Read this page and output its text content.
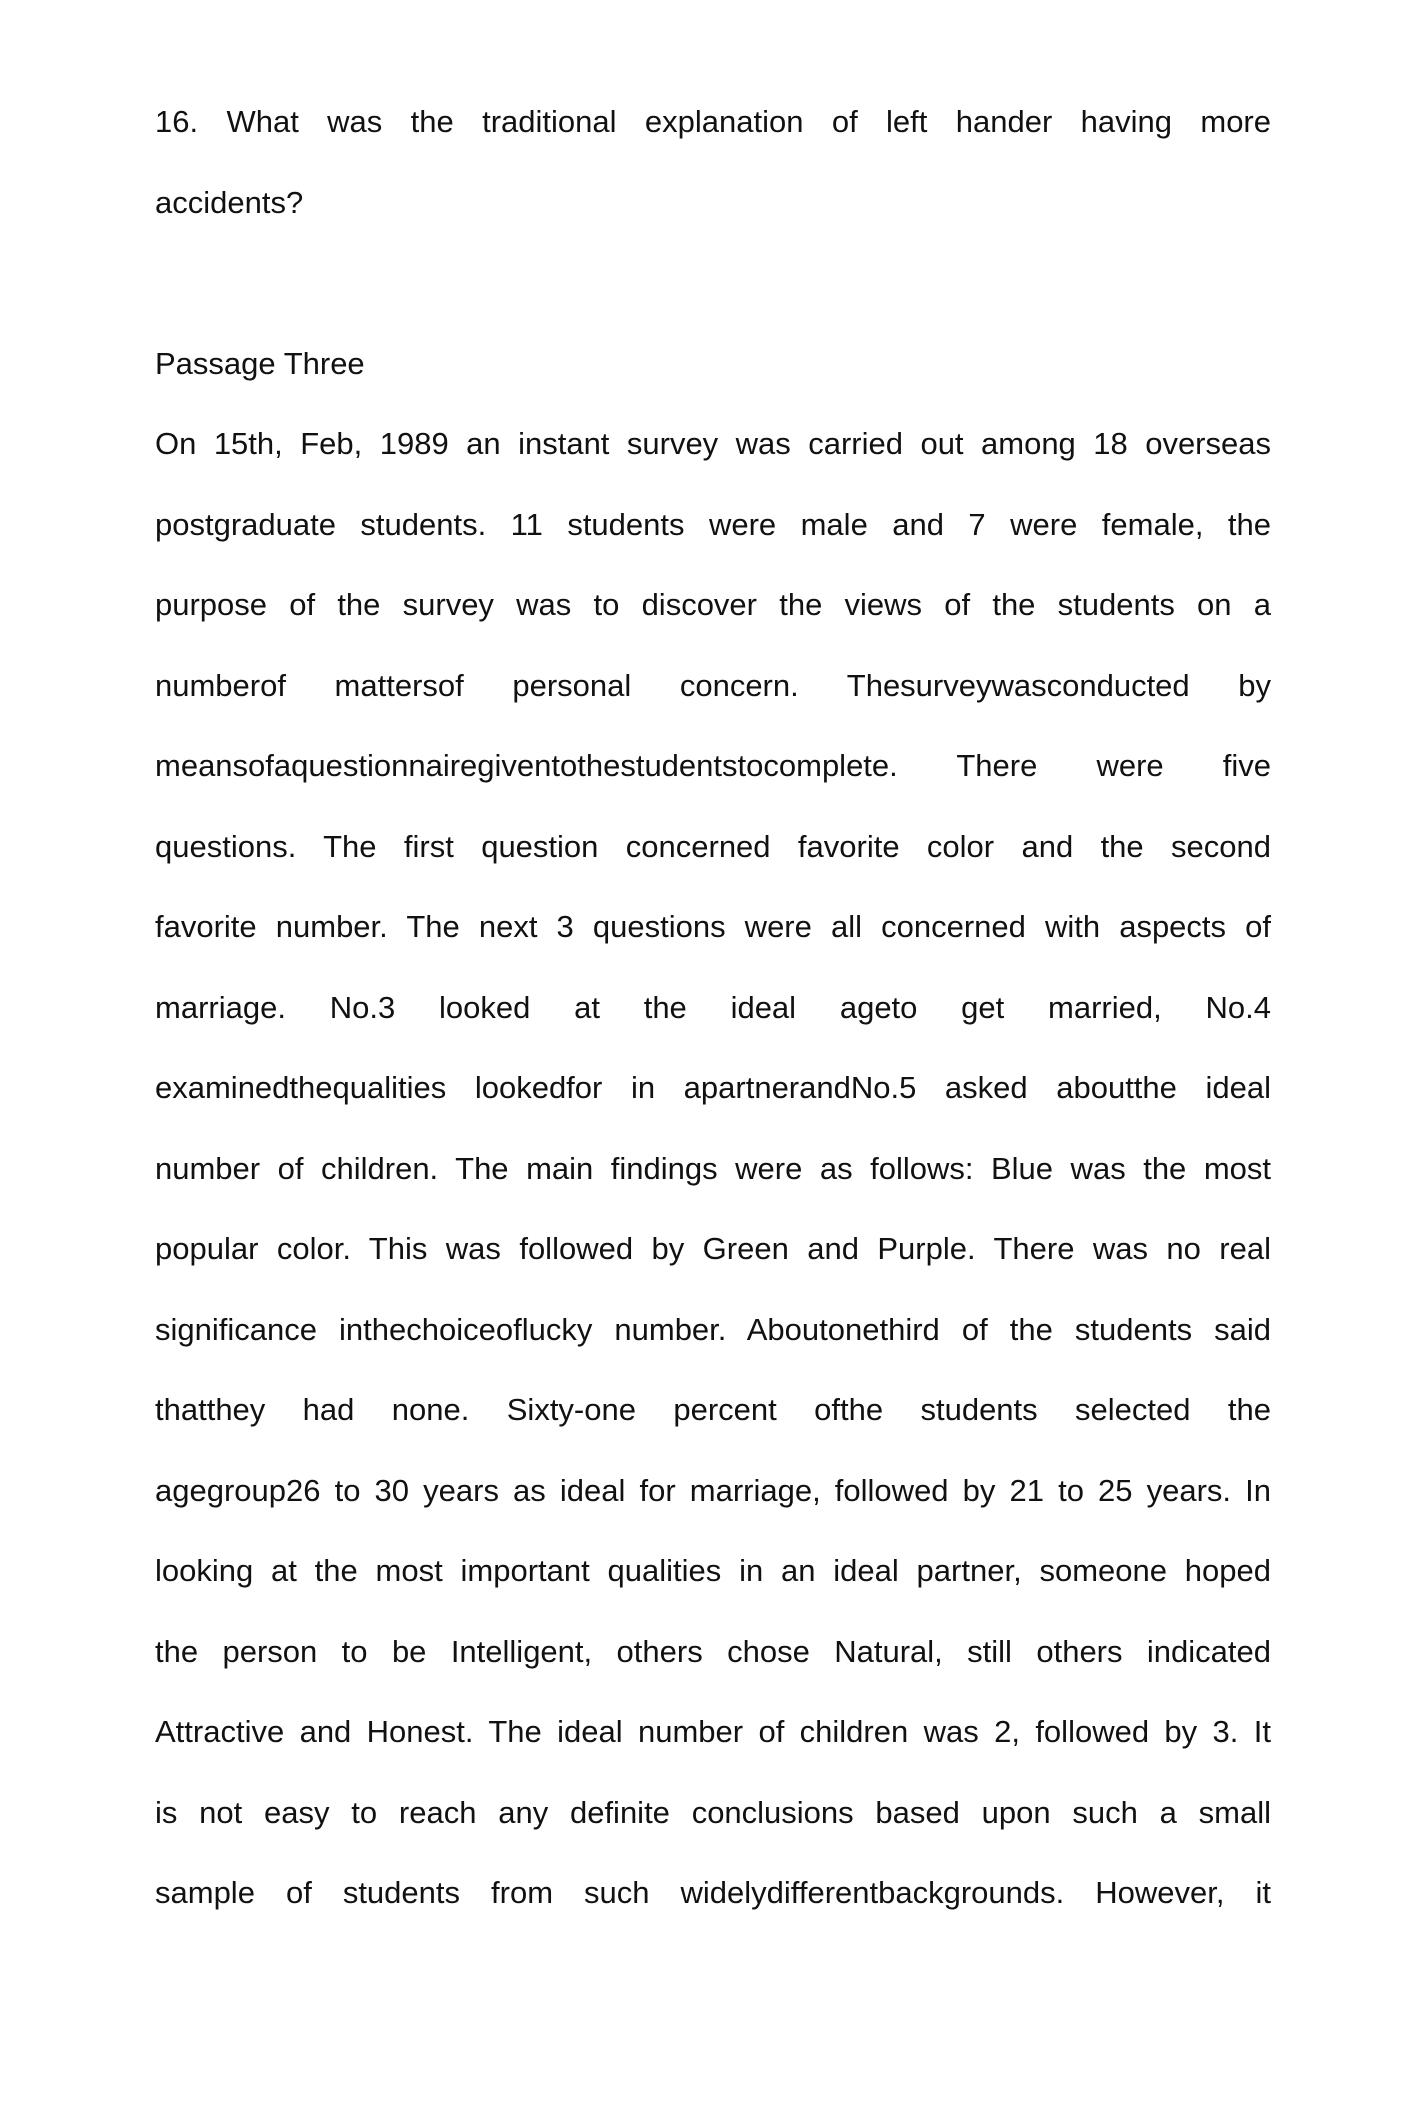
16. What was the traditional explanation of left hander having more
accidents?
Passage Three
On 15th, Feb, 1989 an instant survey was carried out among 18 overseas
postgraduate students. 11 students were male and 7 were female, the
purpose of the survey was to discover the views of the students on a
numberof mattersof personal concern. Thesurveywasconducted by
meansofaquestionnairegiventothestudentstocomplete. There were five
questions. The first question concerned favorite color and the second
favorite number. The next 3 questions were all concerned with aspects of
marriage. No.3 looked at the ideal ageto get married, No.4
examinedthequalities lookedfor in apartnerandNo.5 asked aboutthe ideal
number of children. The main findings were as follows: Blue was the most
popular color. This was followed by Green and Purple. There was no real
significance inthechoiceoflucky number. Aboutonethird of the students said
thatthey had none. Sixty-one percent ofthe students selected the
agegroup26 to 30 years as ideal for marriage, followed by 21 to 25 years. In
looking at the most important qualities in an ideal partner, someone hoped
the person to be Intelligent, others chose Natural, still others indicated
Attractive and Honest. The ideal number of children was 2, followed by 3. It
is not easy to reach any definite conclusions based upon such a small
sample of students from such widelydifferentbackgrounds. However, it
